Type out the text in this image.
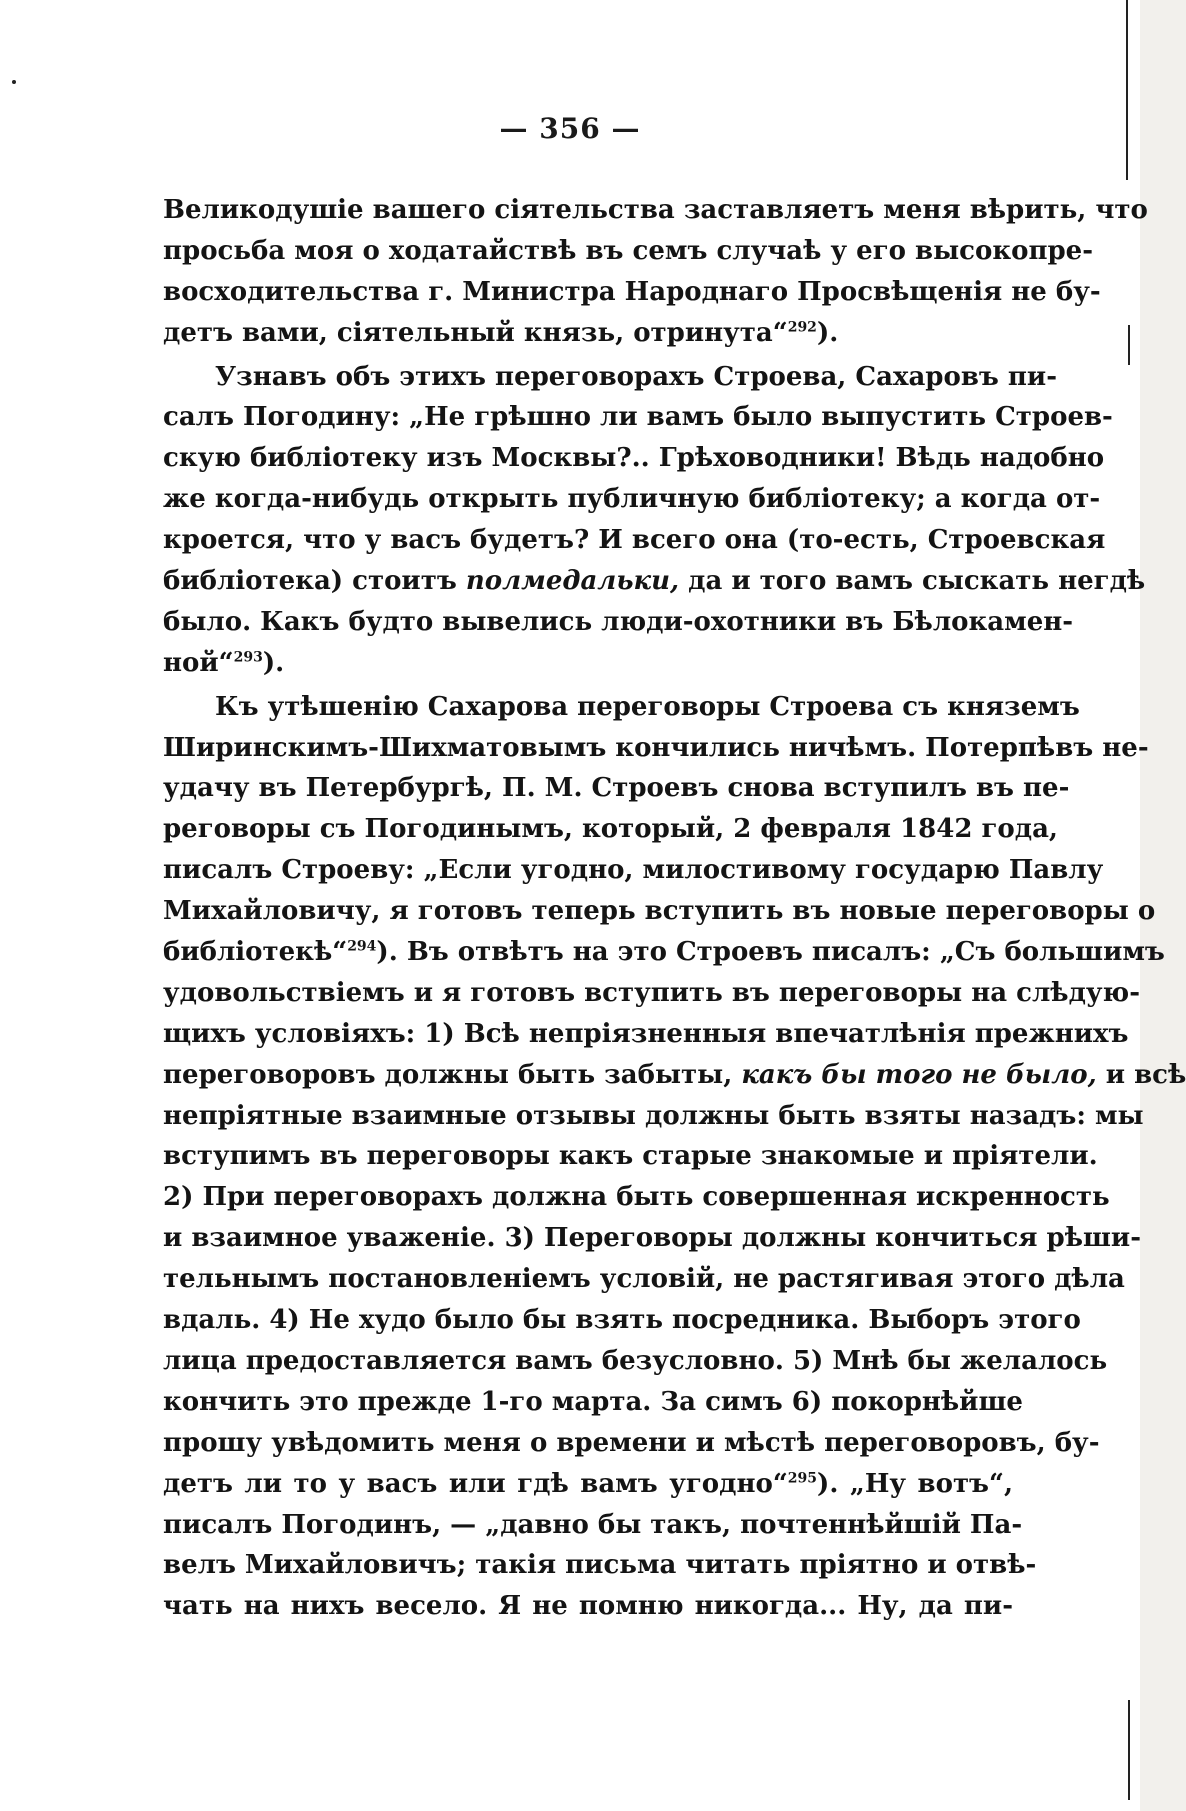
— 356 —
Великодушіе вашего сіятельства заставляетъ меня вѣрить, что
просьба моя о ходатайствѣ въ семъ случаѣ у его высокопре-
восходительства г. Министра Народнаго Просвѣщенія не бу-
детъ вами, сіятельный князь, отринута“$^{292}$).
Узнавъ объ этихъ переговорахъ Строева, Сахаровъ пи-
салъ Погодину: „Не грѣшно ли вамъ было выпустить Строев-
скую библіотеку изъ Москвы?.. Грѣховодники! Вѣдь надобно
же когда-нибудь открыть публичную библіотеку; а когда от-
кроется, что у васъ будетъ? И всего она (то-есть, Строевская
библіотека) стоитъ полмедальки, да и того вамъ сыскать негдѣ
было. Какъ будто вывелись люди-охотники въ Бѣлокамен-
ной“$^{293}$).
Къ утѣшенію Сахарова переговоры Строева съ княземъ
Ширинскимъ-Шихматовымъ кончились ничѣмъ. Потерпѣвъ не-
удачу въ Петербургѣ, П. М. Строевъ снова вступилъ въ пе-
реговоры съ Погодинымъ, который, 2 февраля 1842 года,
писалъ Строеву: „Если угодно, милостивому государю Павлу
Михайловичу, я готовъ теперь вступить въ новые переговоры о
библіотекѣ“$^{294}$). Въ отвѣтъ на это Строевъ писалъ: „Съ большимъ
удовольствіемъ и я готовъ вступить въ переговоры на слѣдую-
щихъ условіяхъ: 1) Всѣ непріязненныя впечатлѣнія прежнихъ
переговоровъ должны быть забыты, какъ бы того не было, и всѣ
непріятные взаимные отзывы должны быть взяты назадъ: мы
вступимъ въ переговоры какъ старые знакомые и пріятели.
2) При переговорахъ должна быть совершенная искренность
и взаимное уваженіе. 3) Переговоры должны кончиться рѣши-
тельнымъ постановленіемъ условій, не растягивая этого дѣла
вдаль. 4) Не худо было бы взять посредника. Выборъ этого
лица предоставляется вамъ безусловно. 5) Мнѣ бы желалось
кончить это прежде 1-го марта. За симъ 6) покорнѣйше
прошу увѣдомить меня о времени и мѣстѣ переговоровъ, бу-
детъ ли то у васъ или гдѣ вамъ угодно“$^{295}$). „Ну вотъ“,
писалъ Погодинъ, — „давно бы такъ, почтеннѣйшій Па-
велъ Михайловичъ; такія письма читать пріятно и отвѣ-
чать на нихъ весело. Я не помню никогда... Ну, да пи-
